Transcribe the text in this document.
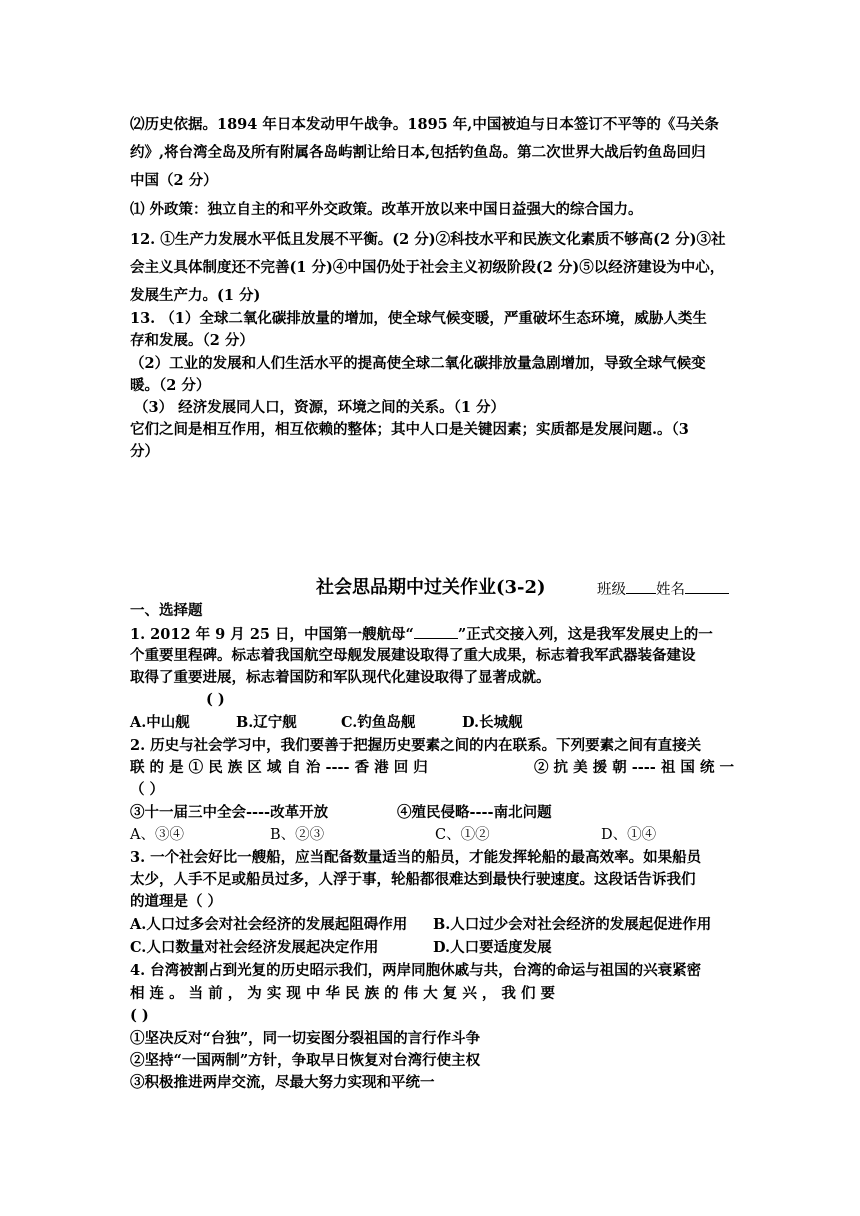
⑵历史依据。1894 年日本发动甲午战争。1895 年,中国被迫与日本签订不平等的《马关条
约》,将台湾全岛及所有附属各岛屿割让给日本,包括钓鱼岛。第二次世界大战后钓鱼岛回归
中国（2 分）
⑴ 外政策：独立自主的和平外交政策。改革开放以来中国日益强大的综合国力。
12. ①生产力发展水平低且发展不平衡。(2 分)②科技水平和民族文化素质不够高(2 分)③社
会主义具体制度还不完善(1 分)④中国仍处于社会主义初级阶段(2 分)⑤以经济建设为中心，
发展生产力。(1 分)
13. （1）全球二氧化碳排放量的增加，使全球气候变暖，严重破坏生态环境，威胁人类生
存和发展。（2 分）
（2）工业的发展和人们生活水平的提高使全球二氧化碳排放量急剧增加，导致全球气候变
暖。（2 分）
（3） 经济发展同人口，资源，环境之间的关系。（1 分）
它们之间是相互作用，相互依赖的整体；其中人口是关键因素；实质都是发展问题.。（3
分）
社会思品期中过关作业(3-2)	班级 姓名
一、选择题
1. 2012 年 9 月 25 日，中国第一艘航母“	”正式交接入列，这是我军发展史上的一
个重要里程碑。标志着我国航空母舰发展建设取得了重大成果，标志着我军武器装备建设
取得了重要进展，标志着国防和军队现代化建设取得了显著成就。
( )
A.中山舰	B.辽宁舰	C.钓鱼岛舰	D.长城舰
2. 历史与社会学习中，我们要善于把握历史要素之间的内在联系。下列要素之间有直接关
联 的 是 ① 民 族 区 域 自 治 ---- 香 港 回 归	② 抗 美 援 朝 ---- 祖 国 统 一
（ ）
③十一届三中全会----改革开放	④殖民侵略----南北问题
A、③④	B、②③	C、①②	D、①④
3. 一个社会好比一艘船，应当配备数量适当的船员，才能发挥轮船的最高效率。如果船员
太少，人手不足或船员过多，人浮于事，轮船都很难达到最快行驶速度。这段话告诉我们
的道理是（ ）
A.人口过多会对社会经济的发展起阻碍作用 B.人口过少会对社会经济的发展起促进作用
C.人口数量对社会经济发展起决定作用	D.人口要适度发展
4. 台湾被割占到光复的历史昭示我们，两岸同胞休戚与共，台湾的命运与祖国的兴衰紧密
相 连 。 当 前 ， 为 实 现 中 华 民 族 的 伟 大 复 兴 ， 我 们 要
( )
①坚决反对“台独”，同一切妄图分裂祖国的言行作斗争
②坚持“一国两制”方针，争取早日恢复对台湾行使主权
③积极推进两岸交流，尽最大努力实现和平统一
